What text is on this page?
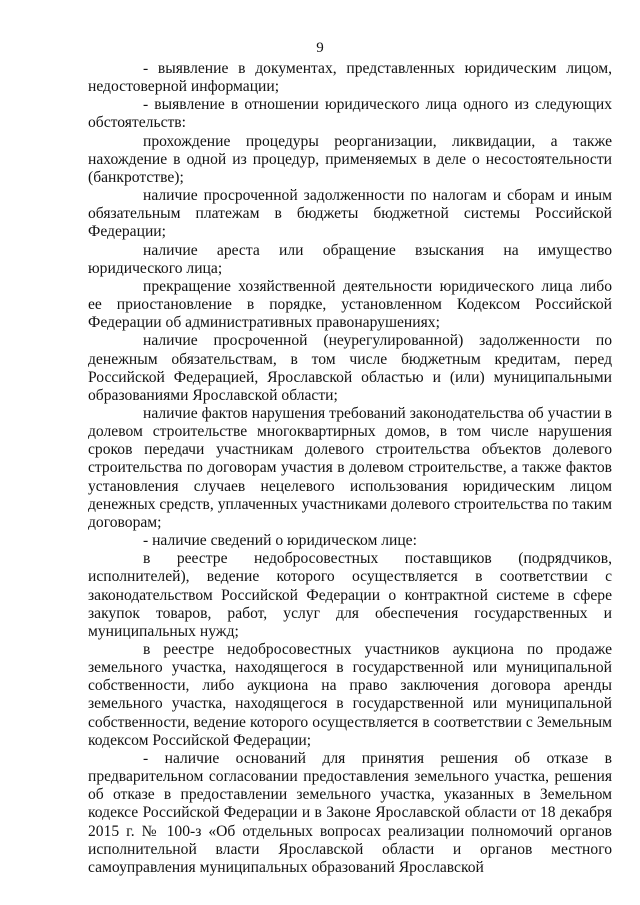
9

- выявление в документах, представленных юридическим лицом, недостоверной информации;

- выявление в отношении юридического лица одного из следующих обстоятельств:

прохождение процедуры реорганизации, ликвидации, а также нахождение в одной из процедур, применяемых в деле о несостоятельности (банкротстве);

наличие просроченной задолженности по налогам и сборам и иным обязательным платежам в бюджеты бюджетной системы Российской Федерации;

наличие ареста или обращение взыскания на имущество юридического лица;

прекращение хозяйственной деятельности юридического лица либо ее приостановление в порядке, установленном Кодексом Российской Федерации об административных правонарушениях;

наличие просроченной (неурегулированной) задолженности по денежным обязательствам, в том числе бюджетным кредитам, перед Российской Федерацией, Ярославской областью и (или) муниципальными образованиями Ярославской области;

наличие фактов нарушения требований законодательства об участии в долевом строительстве многоквартирных домов, в том числе нарушения сроков передачи участникам долевого строительства объектов долевого строительства по договорам участия в долевом строительстве, а также фактов установления случаев нецелевого использования юридическим лицом денежных средств, уплаченных участниками долевого строительства по таким договорам;

- наличие сведений о юридическом лице:

в реестре недобросовестных поставщиков (подрядчиков, исполнителей), ведение которого осуществляется в соответствии с законодательством Российской Федерации о контрактной системе в сфере закупок товаров, работ, услуг для обеспечения государственных и муниципальных нужд;

в реестре недобросовестных участников аукциона по продаже земельного участка, находящегося в государственной или муниципальной собственности, либо аукциона на право заключения договора аренды земельного участка, находящегося в государственной или муниципальной собственности, ведение которого осуществляется в соответствии с Земельным кодексом Российской Федерации;

- наличие оснований для принятия решения об отказе в предварительном согласовании предоставления земельного участка, решения об отказе в предоставлении земельного участка, указанных в Земельном кодексе Российской Федерации и в Законе Ярославской области от 18 декабря 2015 г. № 100-з «Об отдельных вопросах реализации полномочий органов исполнительной власти Ярославской области и органов местного самоуправления муниципальных образований Ярославской
